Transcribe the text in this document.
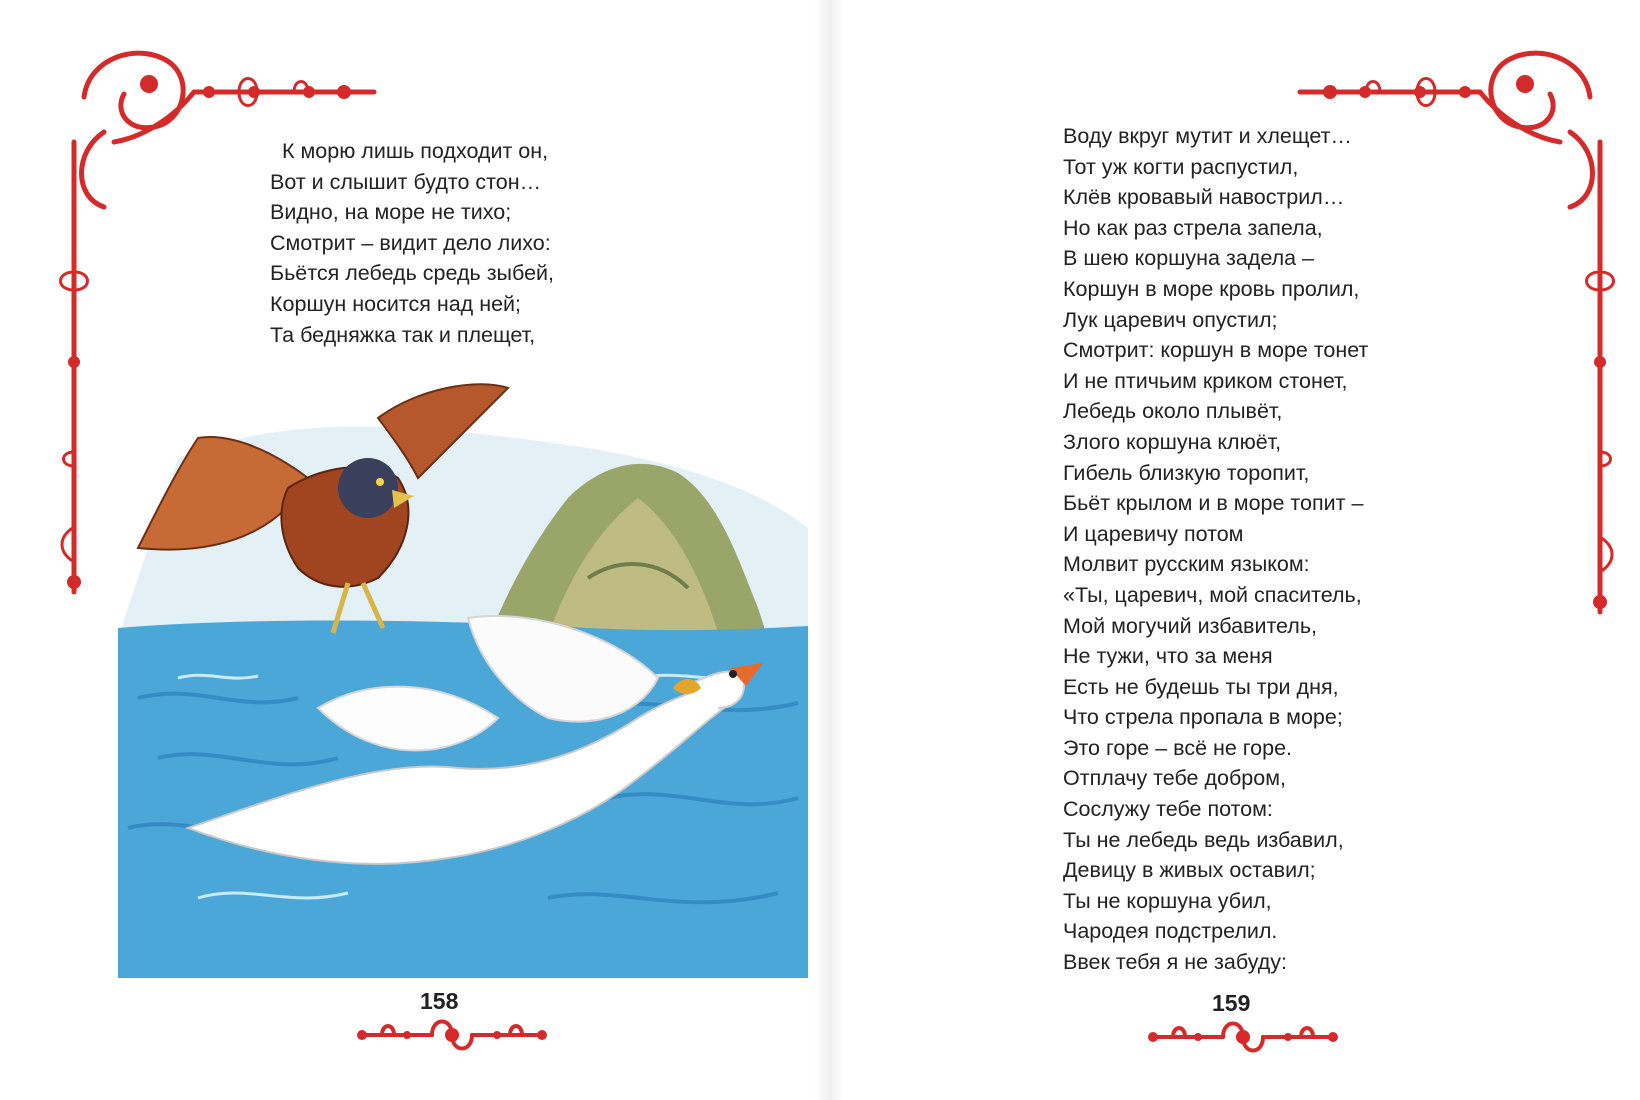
К морю лишь подходит он,
Вот и слышит будто стон…
Видно, на море не тихо;
Смотрит – видит дело лихо:
Бьётся лебедь средь зыбей,
Коршун носится над ней;
Та бедняжка так и плещет,
Воду вкруг мутит и хлещет…
Тот уж когти распустил,
Клёв кровавый навострил…
Но как раз стрела запела,
В шею коршуна задела –
Коршун в море кровь пролил,
Лук царевич опустил;
Смотрит: коршун в море тонет
И не птичьим криком стонет,
Лебедь около плывёт,
Злого коршуна клюёт,
Гибель близкую торопит,
Бьёт крылом и в море топит –
И царевичу потом
Молвит русским языком:
«Ты, царевич, мой спаситель,
Мой могучий избавитель,
Не тужи, что за меня
Есть не будешь ты три дня,
Что стрела пропала в море;
Это горе – всё не горе.
Отплачу тебе добром,
Сослужу тебе потом:
Ты не лебедь ведь избавил,
Девицу в живых оставил;
Ты не коршуна убил,
Чародея подстрелил.
Ввек тебя я не забуду:
158	159
